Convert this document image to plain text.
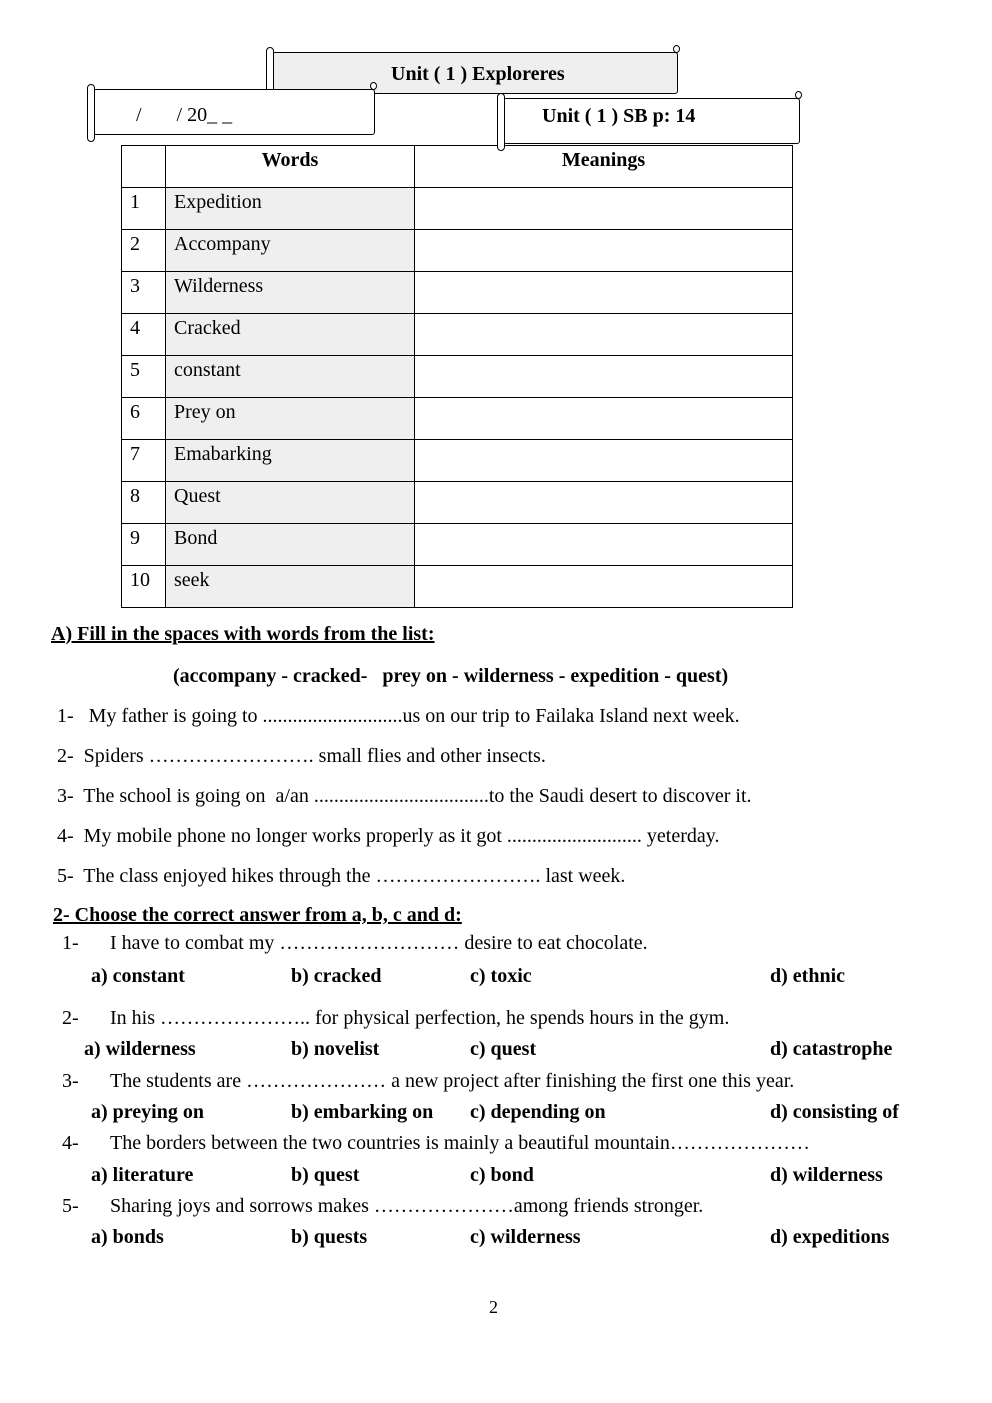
Unit ( 1 ) Exploreres
/       / 20_ _	Unit ( 1 ) SB p: 14
	Words	Meanings
1	Expedition	
2	Accompany	
3	Wilderness	
4	Cracked	
5	constant	
6	Prey on	
7	Emabarking	
8	Quest	
9	Bond	
10	seek	
A) Fill in the spaces with words from the list:
(accompany - cracked-   prey on - wilderness - expedition - quest)
1-   My father is going to ............................us on our trip to Failaka Island next week.
2-  Spiders ……………………. small flies and other insects.
3-  The school is going on  a/an ...................................to the Saudi desert to discover it.
4-  My mobile phone no longer works properly as it got ........................... yeterday.
5-  The class enjoyed hikes through the ……………………. last week.
2- Choose the correct answer from a, b, c and d:
1- I have to combat my ……………………… desire to eat chocolate.
a) constant	b) cracked	c) toxic	d) ethnic
2- In his ………………….. for physical perfection, he spends hours in the gym.
a) wilderness	b) novelist	c) quest	d) catastrophe
3- The students are ………………… a new project after finishing the first one this year.
a) preying on	b) embarking on c) depending on	d) consisting of
4- The borders between the two countries is mainly a beautiful mountain…………………
a) literature	b) quest	c) bond	d) wilderness
5- Sharing joys and sorrows makes …………………among friends stronger.
a) bonds	b) quests	c) wilderness	d) expeditions
2
